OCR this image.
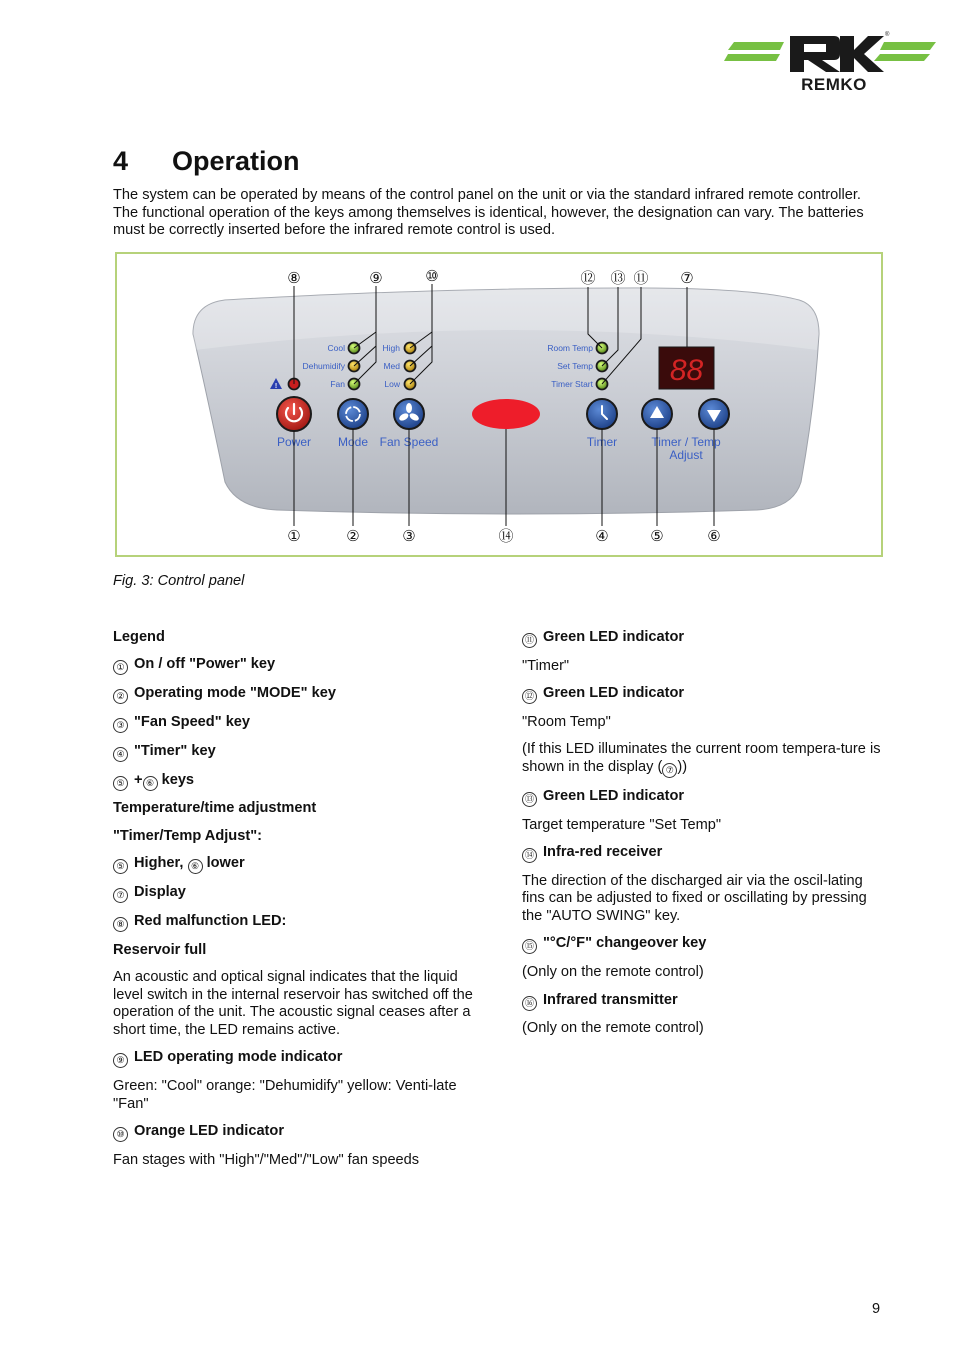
REMKO
®
4	Operation

The system can be operated by means of the control panel on the unit or via the standard infrared remote controller. The functional operation of the keys among themselves is identical, however, the designation can vary. The batteries must be correctly inserted before the infrared remote control is used.

Cool
Dehumidify
Fan
High
Med
Low
Room Temp
Set Temp
Timer Start
!	88
Power Mode Fan Speed	Timer	Timer / Temp
Adjust
⑧	⑨	⑩	⑫ ⑬ ⑪ ⑦
①	②	③	⑭	④	⑤	⑥
Fig. 3: Control panel

Legend

① On / off "Power" key

② Operating mode "MODE" key

③ "Fan Speed" key

④ "Timer" key

⑤ + ⑥ keys

Temperature/time adjustment

"Timer/Temp Adjust":

⑤ Higher, ⑥ lower

⑦ Display

⑧ Red malfunction LED:

Reservoir full

An acoustic and optical signal indicates that the liquid level switch in the internal reservoir has switched off the operation of the unit. The acoustic signal ceases after a short time, the LED remains active.

⑨ LED operating mode indicator

Green: "Cool" orange: "Dehumidify" yellow: Venti-late "Fan"

⑩ Orange LED indicator

Fan stages with "High"/"Med"/"Low" fan speeds

⑪ Green LED indicator

"Timer"

⑫ Green LED indicator

"Room Temp"

(If this LED illuminates the current room tempera-ture is shown in the display ( ⑦ ))

⑬ Green LED indicator

Target temperature "Set Temp"

⑭ Infra-red receiver

The direction of the discharged air via the oscil-lating fins can be adjusted to fixed or oscillating by pressing the "AUTO SWING" key.

⑮ "°C/°F" changeover key

(Only on the remote control)

⑯ Infrared transmitter

(Only on the remote control)

9
